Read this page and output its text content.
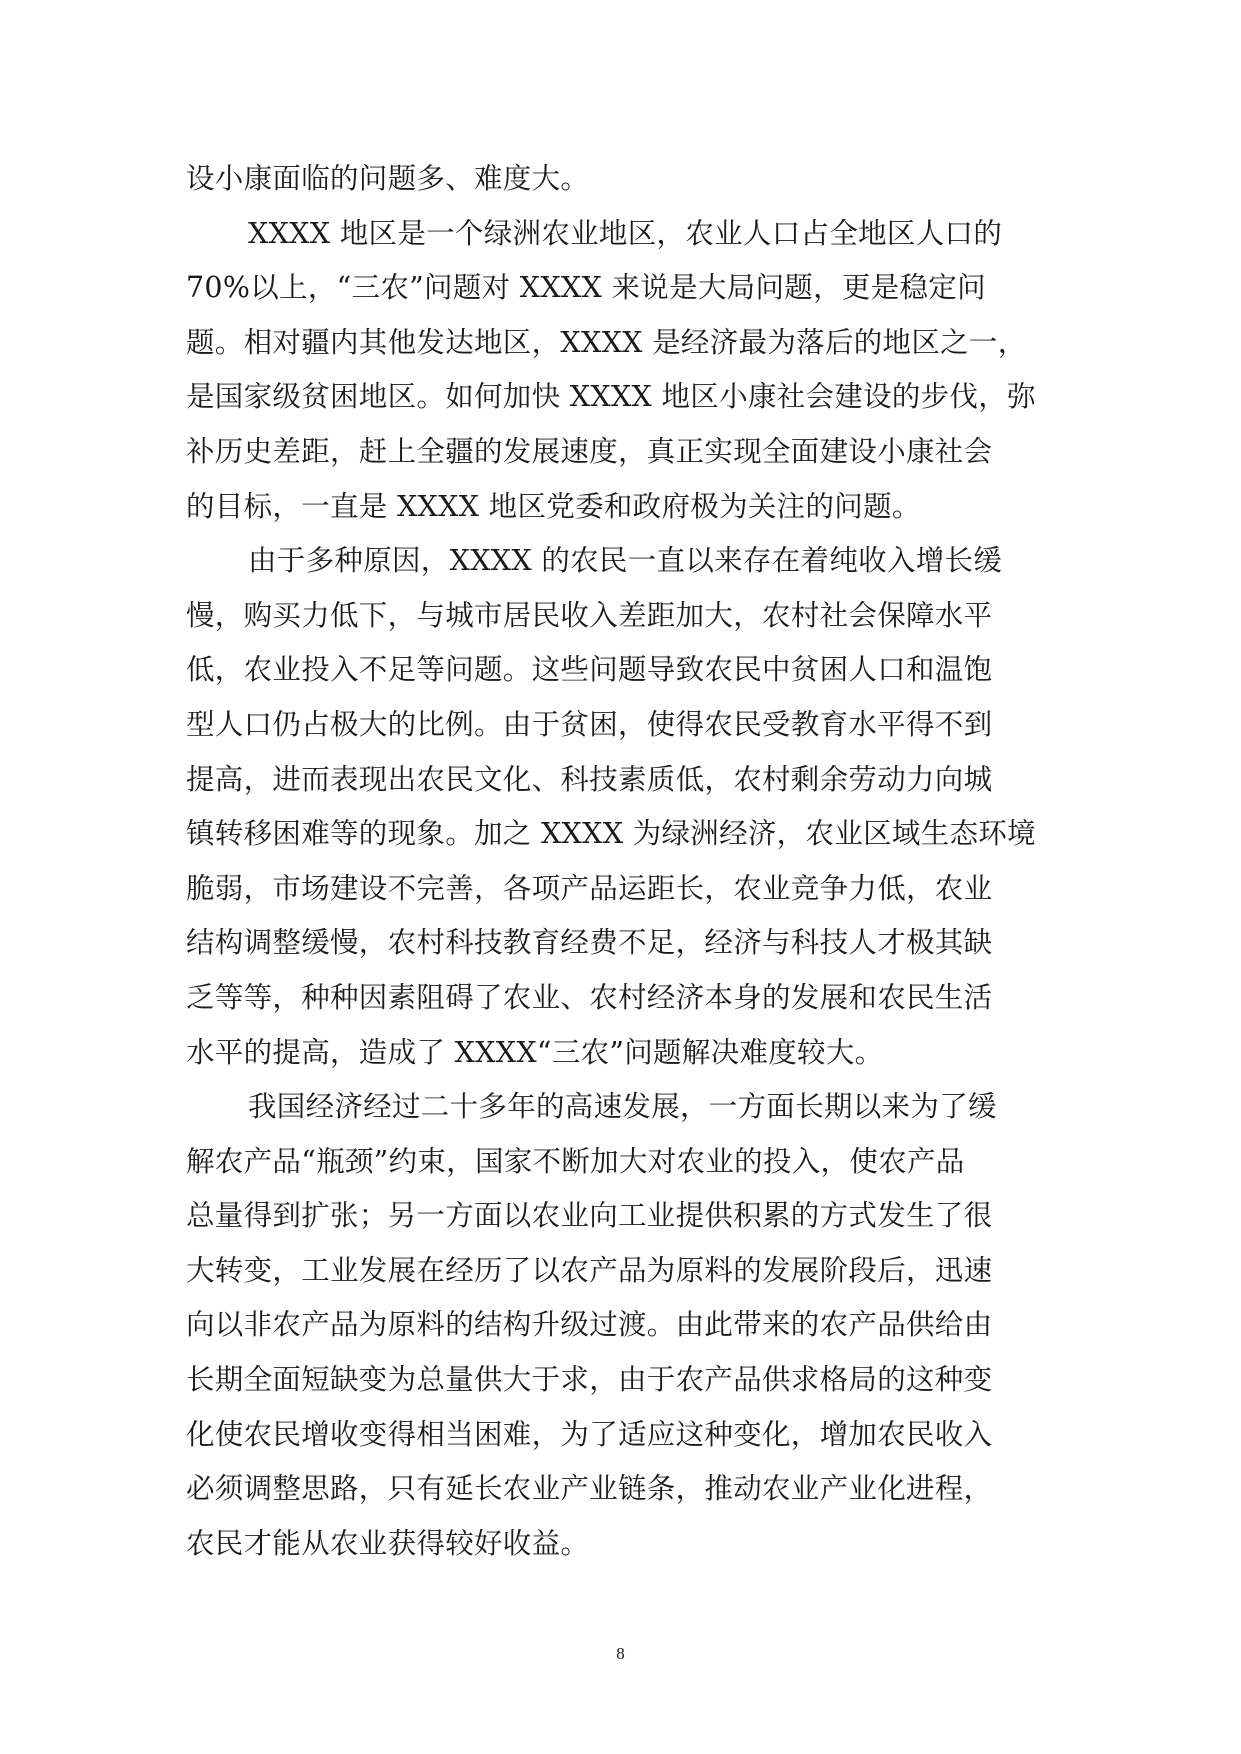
设小康面临的问题多、难度大。
XXXX 地区是一个绿洲农业地区，农业人口占全地区人口的
70%以上，“三农”问题对 XXXX 来说是大局问题，更是稳定问
题。相对疆内其他发达地区，XXXX 是经济最为落后的地区之一，
是国家级贫困地区。如何加快 XXXX 地区小康社会建设的步伐，弥
补历史差距，赶上全疆的发展速度，真正实现全面建设小康社会
的目标，一直是 XXXX 地区党委和政府极为关注的问题。
由于多种原因，XXXX 的农民一直以来存在着纯收入增长缓
慢，购买力低下，与城市居民收入差距加大，农村社会保障水平
低，农业投入不足等问题。这些问题导致农民中贫困人口和温饱
型人口仍占极大的比例。由于贫困，使得农民受教育水平得不到
提高，进而表现出农民文化、科技素质低，农村剩余劳动力向城
镇转移困难等的现象。加之 XXXX 为绿洲经济，农业区域生态环境
脆弱，市场建设不完善，各项产品运距长，农业竞争力低，农业
结构调整缓慢，农村科技教育经费不足，经济与科技人才极其缺
乏等等，种种因素阻碍了农业、农村经济本身的发展和农民生活
水平的提高，造成了 XXXX“三农”问题解决难度较大。
我国经济经过二十多年的高速发展，一方面长期以来为了缓
解农产品“瓶颈”约束，国家不断加大对农业的投入，使农产品
总量得到扩张；另一方面以农业向工业提供积累的方式发生了很
大转变，工业发展在经历了以农产品为原料的发展阶段后，迅速
向以非农产品为原料的结构升级过渡。由此带来的农产品供给由
长期全面短缺变为总量供大于求，由于农产品供求格局的这种变
化使农民增收变得相当困难，为了适应这种变化，增加农民收入
必须调整思路，只有延长农业产业链条，推动农业产业化进程，
农民才能从农业获得较好收益。
8
